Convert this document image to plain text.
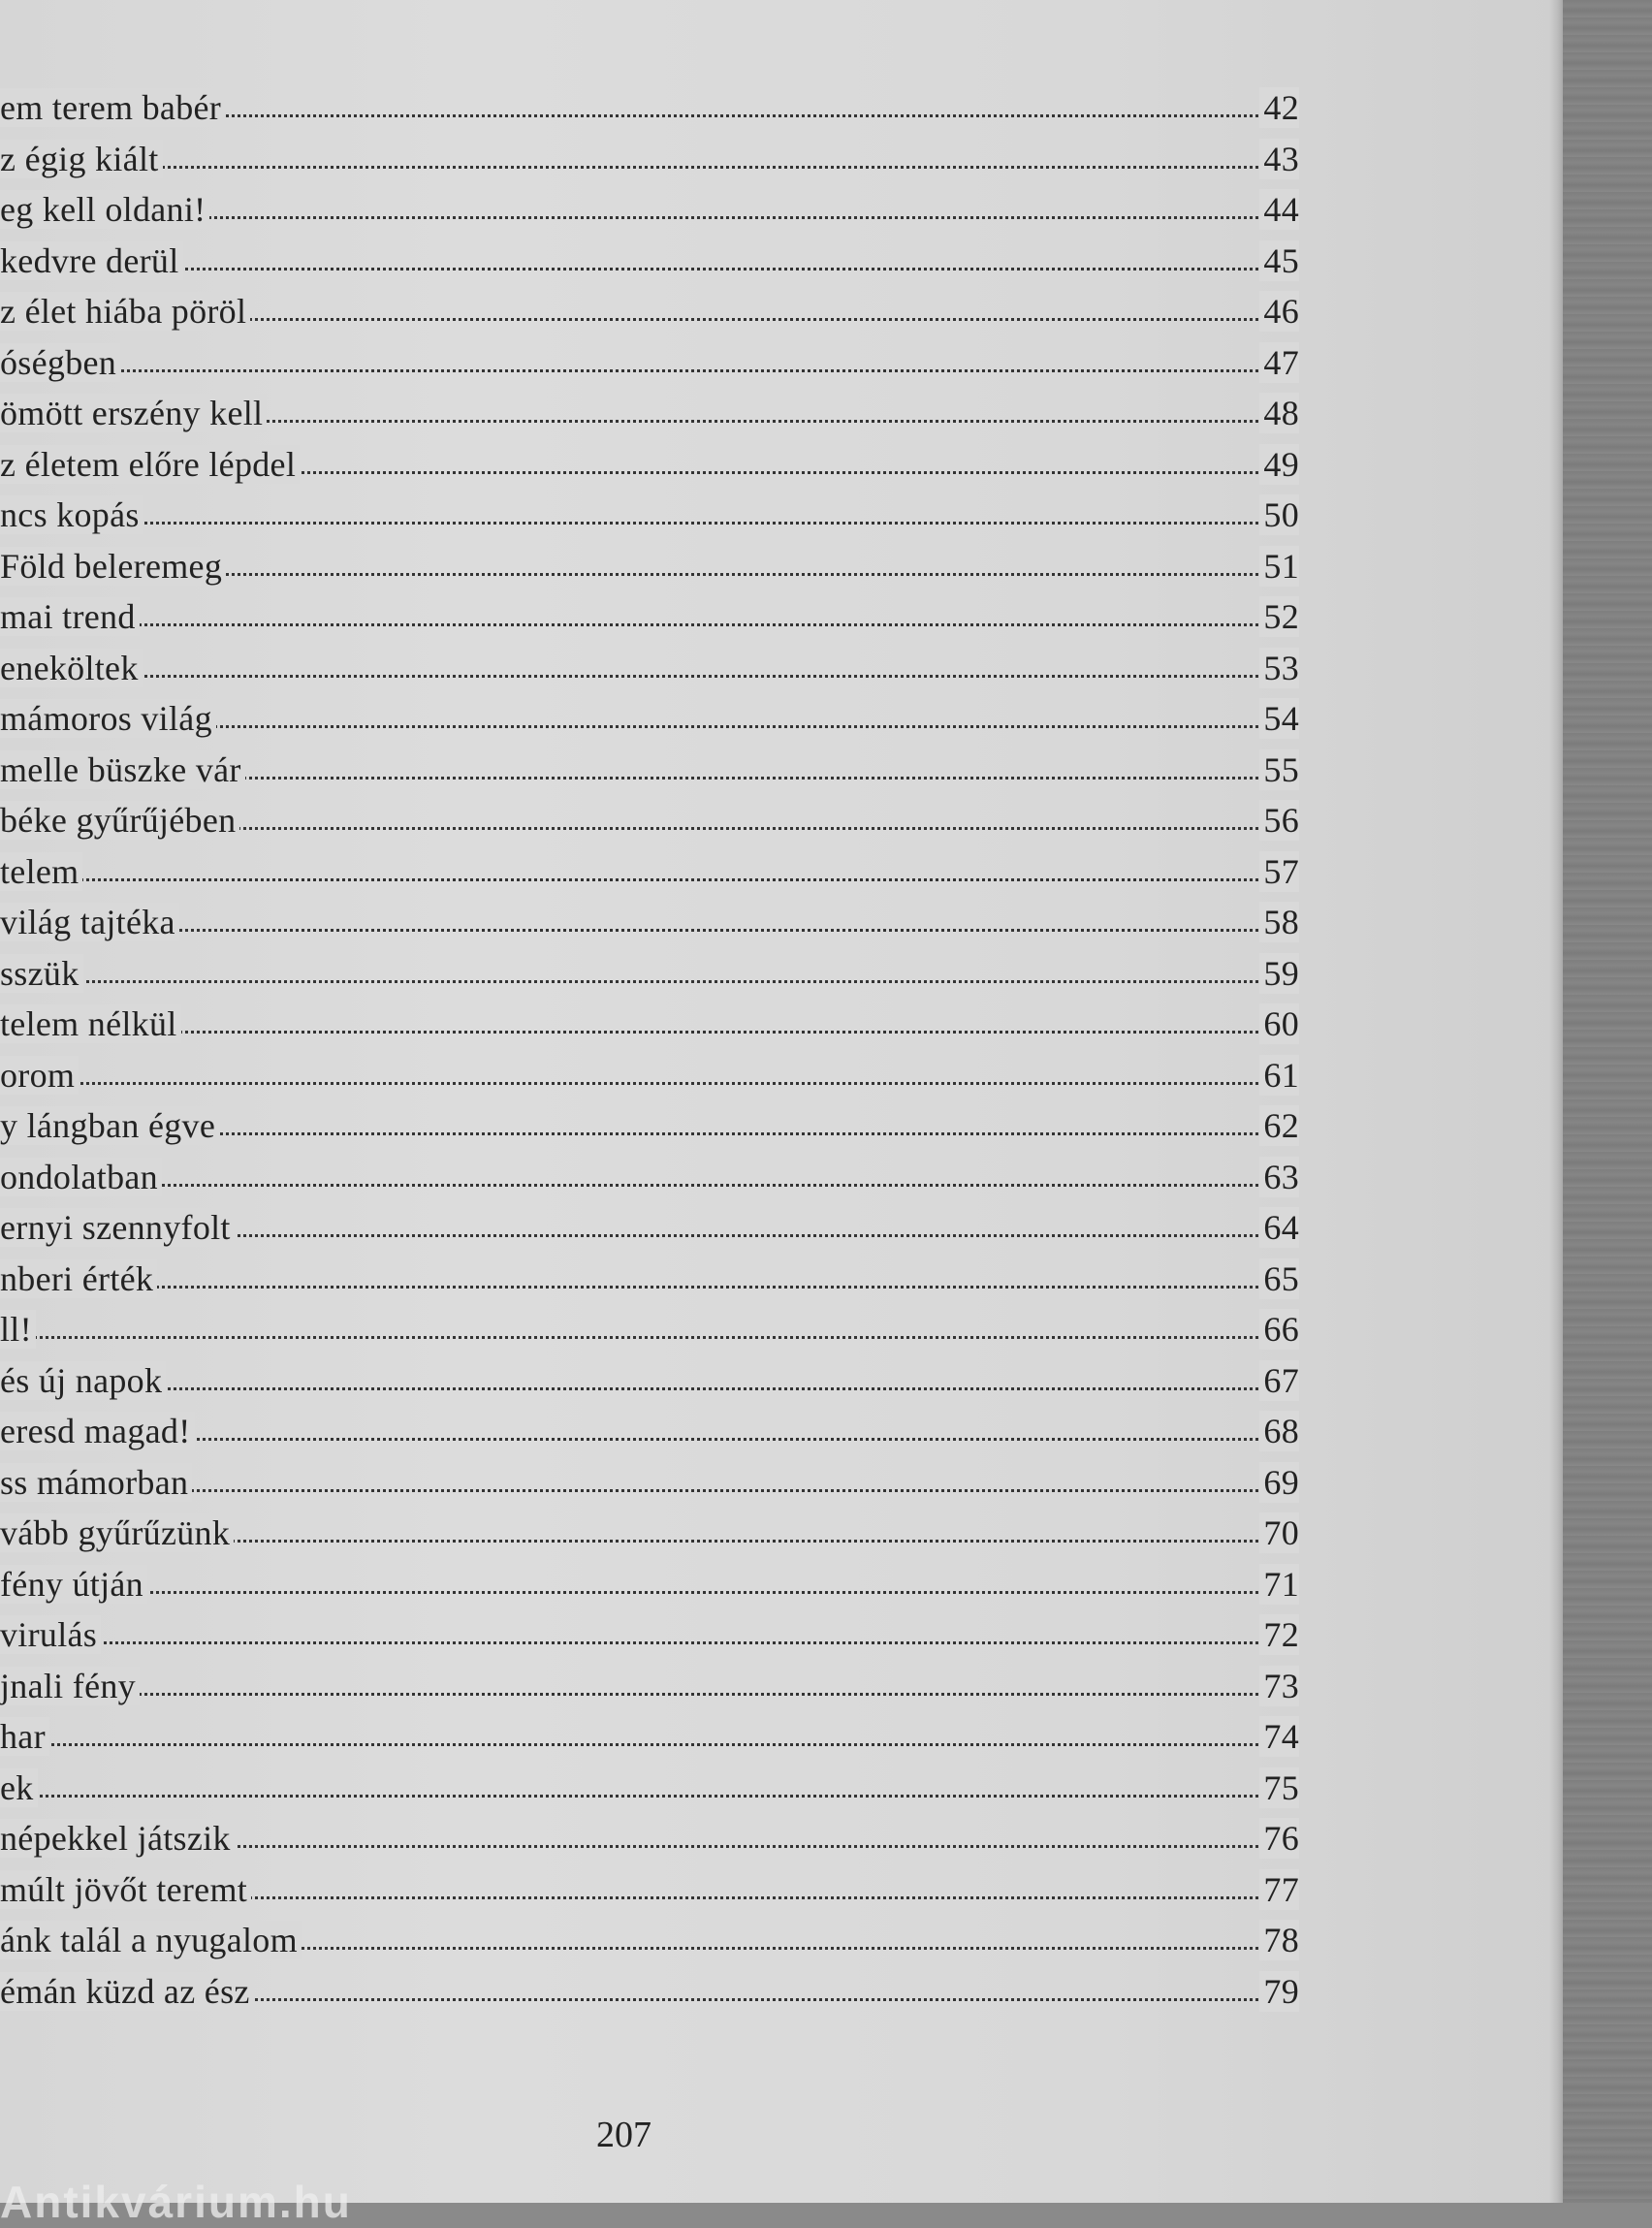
em terem babér	42
z égig kiált	43
eg kell oldani!	44
kedvre derül	45
z élet hiába pöröl	46
óségben	47
ömött erszény kell	48
z életem előre lépdel	49
ncs kopás	50
Föld beleremeg	51
mai trend	52
eneköltek	53
mámoros világ	54
melle büszke vár	55
béke gyűrűjében	56
telem	57
világ tajtéka	58
sszük	59
telem nélkül	60
orom	61
y lángban égve	62
ondolatban	63
ernyi szennyfolt	64
nberi érték	65
ll!	66
és új napok	67
eresd magad!	68
ss mámorban	69
vább gyűrűzünk	70
fény útján	71
virulás	72
jnali fény	73
har	74
ek	75
népekkel játszik	76
múlt jövőt teremt	77
ánk talál a nyugalom	78
émán küzd az ész	79
207
Antikvárium.hu
